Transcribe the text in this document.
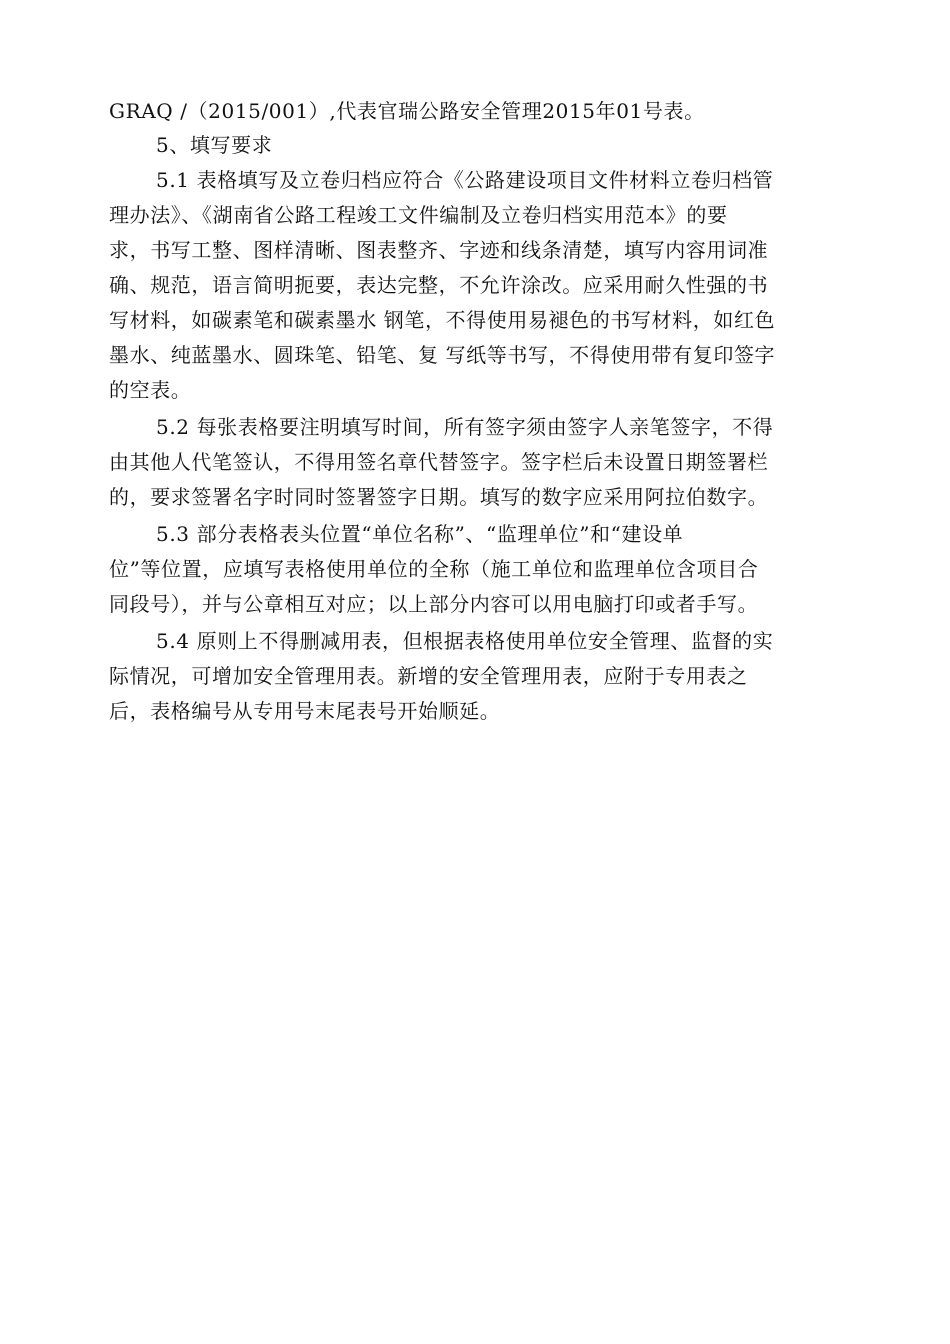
GRAQ /（2015/001）,代表官瑞公路安全管理2015年01号表。

5、填写要求

5.1 表格填写及立卷归档应符合《公路建设项目文件材料立卷归档管

理办法》、《湖南省公路工程竣工文件编制及立卷归档实用范本》的要

求，书写工整、图样清晰、图表整齐、字迹和线条清楚，填写内容用词准

确、规范，语言简明扼要，表达完整，不允许涂改。应采用耐久性强的书

写材料，如碳素笔和碳素墨水 钢笔，不得使用易褪色的书写材料，如红色

墨水、纯蓝墨水、圆珠笔、铅笔、复 写纸等书写，不得使用带有复印签字

的空表。

5.2 每张表格要注明填写时间，所有签字须由签字人亲笔签字，不得

由其他人代笔签认，不得用签名章代替签字。签字栏后未设置日期签署栏

的，要求签署名字时同时签署签字日期。填写的数字应采用阿拉伯数字。

5.3 部分表格表头位置“单位名称”、“监理单位”和“建设单

位”等位置，应填写表格使用单位的全称（施工单位和监理单位含项目合

同段号），并与公章相互对应；以上部分内容可以用电脑打印或者手写。

5.4 原则上不得删减用表，但根据表格使用单位安全管理、监督的实

际情况，可增加安全管理用表。新增的安全管理用表，应附于专用表之

后，表格编号从专用号末尾表号开始顺延。
